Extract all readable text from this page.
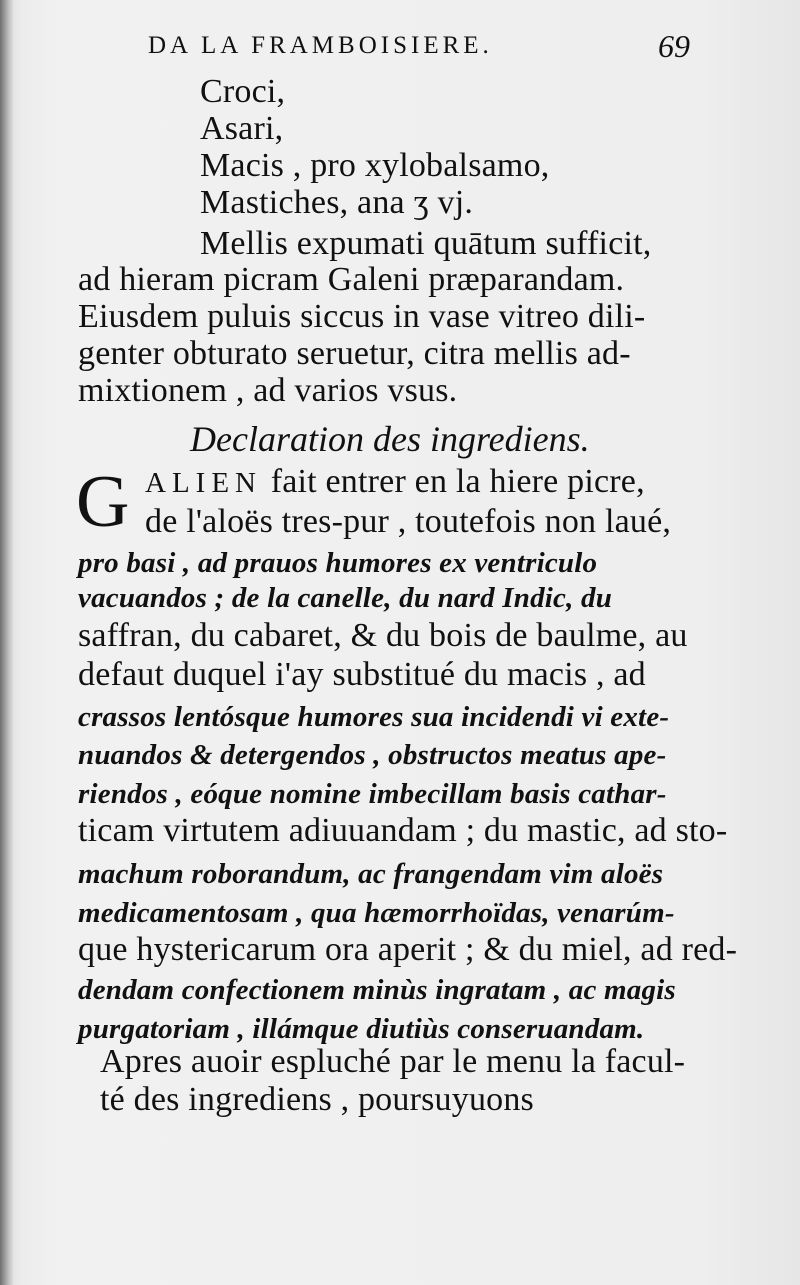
DA LA FRAMBOISIERE.	69
Croci,
Asari,
Macis , pro xylobalsamo,
Mastiches, ana ʒ vj.
Mellis expumati quātum sufficit,
ad hieram picram Galeni præparandam.
Eiusdem puluis siccus in vase vitreo dili-
genter obturato seruetur, citra mellis ad-
mixtionem , ad varios vsus.
Declaration des ingrediens.
G ALIEN fait entrer en la hiere picre,
de l'aloës tres-pur , toutefois non laué,
pro basi , ad prauos humores ex ventriculo
vacuandos ; de la canelle, du nard Indic, du
saffran, du cabaret, & du bois de baulme, au
defaut duquel i'ay substitué du macis , ad
crassos lentósque humores sua incidendi vi exte-
nuandos & detergendos , obstructos meatus ape-
riendos , eóque nomine imbecillam basis cathar-
ticam virtutem adiuuandam ; du mastic, ad sto-
machum roborandum, ac frangendam vim aloës
medicamentosam , qua hæmorrhoïdas, venarúm-
que hystericarum ora aperit ; & du miel, ad red-
dendam confectionem minùs ingratam , ac magis
purgatoriam , illámque diutiùs conseruandam.
Apres auoir espluché par le menu la facul-
té des ingrediens , poursuyuons
